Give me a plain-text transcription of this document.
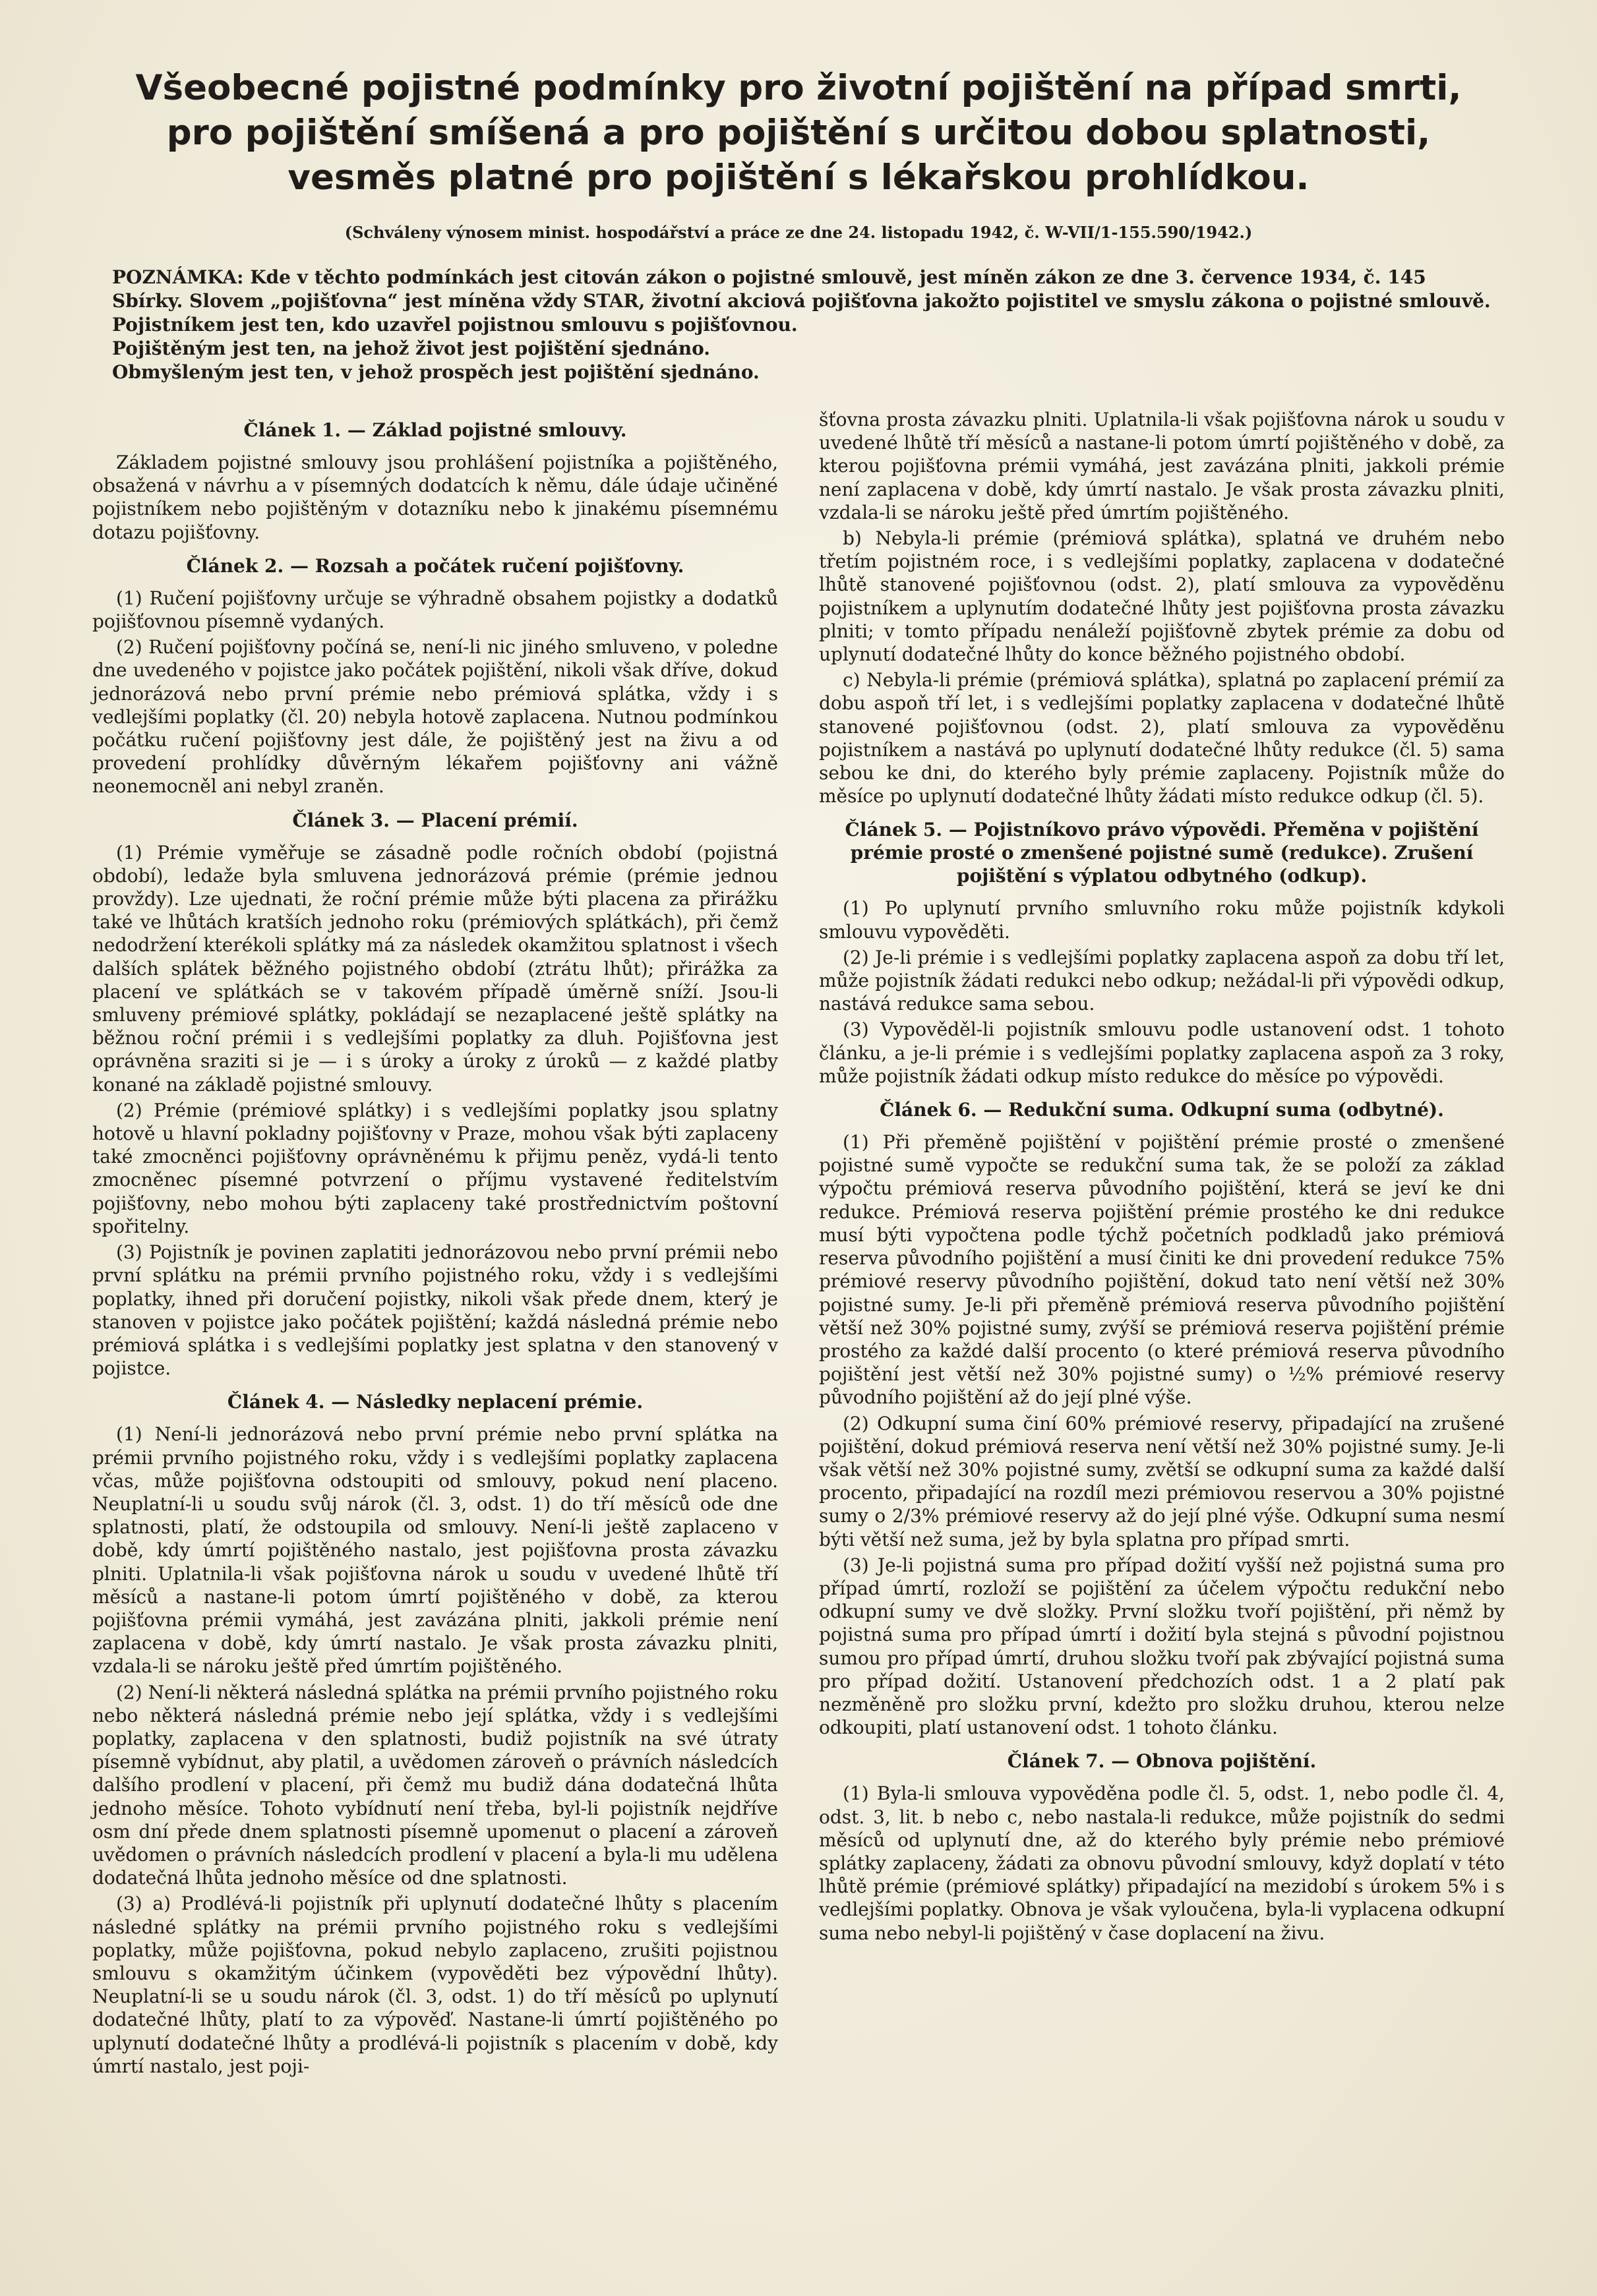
Všeobecné pojistné podmínky pro životní pojištění na případ smrti, pro pojištění smíšená a pro pojištění s určitou dobou splatnosti, vesměs platné pro pojištění s lékařskou prohlídkou.
(Schváleny výnosem minist. hospodářství a práce ze dne 24. listopadu 1942, č. W-VII/1-155.590/1942.)

POZNÁMKA: Kde v těchto podmínkách jest citován zákon o pojistné smlouvě, jest míněn zákon ze dne 3. července 1934, č. 145 Sbírky. Slovem „pojišťovna“ jest míněna vždy STAR, životní akciová pojišťovna jakožto pojistitel ve smyslu zákona o pojistné smlouvě.

Pojistníkem jest ten, kdo uzavřel pojistnou smlouvu s pojišťovnou.

Pojištěným jest ten, na jehož život jest pojištění sjednáno.

Obmyšleným jest ten, v jehož prospěch jest pojištění sjednáno.

Článek 1. — Základ pojistné smlouvy.

Základem pojistné smlouvy jsou prohlášení pojistníka a pojištěného, obsažená v návrhu a v písemných dodatcích k němu, dále údaje učiněné pojistníkem nebo pojištěným v dotazníku nebo k jinakému písemnému dotazu pojišťovny.

Článek 2. — Rozsah a počátek ručení pojišťovny.

(1) Ručení pojišťovny určuje se výhradně obsahem pojistky a dodatků pojišťovnou písemně vydaných.

(2) Ručení pojišťovny počíná se, není-li nic jiného smluveno, v poledne dne uvedeného v pojistce jako počátek pojištění, nikoli však dříve, dokud jednorázová nebo první prémie nebo prémiová splátka, vždy i s vedlejšími poplatky (čl. 20) nebyla hotově zaplacena. Nutnou podmínkou počátku ručení pojišťovny jest dále, že pojištěný jest na živu a od provedení prohlídky důvěrným lékařem pojišťovny ani vážně neonemocněl ani nebyl zraněn.

Článek 3. — Placení prémií.

(1) Prémie vyměřuje se zásadně podle ročních období (pojistná období), ledaže byla smluvena jednorázová prémie (prémie jednou provždy). Lze ujednati, že roční prémie může býti placena za přirážku také ve lhůtách kratších jednoho roku (prémiových splátkách), při čemž nedodržení kterékoli splátky má za následek okamžitou splatnost i všech dalších splátek běžného pojistného období (ztrátu lhůt); přirážka za placení ve splátkách se v takovém případě úměrně sníží. Jsou-li smluveny prémiové splátky, pokládají se nezaplacené ještě splátky na běžnou roční prémii i s vedlejšími poplatky za dluh. Pojišťovna jest oprávněna sraziti si je — i s úroky a úroky z úroků — z každé platby konané na základě pojistné smlouvy.

(2) Prémie (prémiové splátky) i s vedlejšími poplatky jsou splatny hotově u hlavní pokladny pojišťovny v Praze, mohou však býti zaplaceny také zmocněnci pojišťovny oprávněnému k přijmu peněz, vydá-li tento zmocněnec písemné potvrzení o příjmu vystavené ředitelstvím pojišťovny, nebo mohou býti zaplaceny také prostřednictvím poštovní spořitelny.

(3) Pojistník je povinen zaplatiti jednorázovou nebo první prémii nebo první splátku na prémii prvního pojistného roku, vždy i s vedlejšími poplatky, ihned při doručení pojistky, nikoli však přede dnem, který je stanoven v pojistce jako počátek pojištění; každá následná prémie nebo prémiová splátka i s vedlejšími poplatky jest splatna v den stanovený v pojistce.

Článek 4. — Následky neplacení prémie.

(1) Není-li jednorázová nebo první prémie nebo první splátka na prémii prvního pojistného roku, vždy i s vedlejšími poplatky zaplacena včas, může pojišťovna odstoupiti od smlouvy, pokud není placeno. Neuplatní-li u soudu svůj nárok (čl. 3, odst. 1) do tří měsíců ode dne splatnosti, platí, že odstoupila od smlouvy. Není-li ještě zaplaceno v době, kdy úmrtí pojištěného nastalo, jest pojišťovna prosta závazku plniti. Uplatnila-li však pojišťovna nárok u soudu v uvedené lhůtě tří měsíců a nastane-li potom úmrtí pojištěného v době, za kterou pojišťovna prémii vymáhá, jest zavázána plniti, jakkoli prémie není zaplacena v době, kdy úmrtí nastalo. Je však prosta závazku plniti, vzdala-li se nároku ještě před úmrtím pojištěného.

(2) Není-li některá následná splátka na prémii prvního pojistného roku nebo některá následná prémie nebo její splátka, vždy i s vedlejšími poplatky, zaplacena v den splatnosti, budiž pojistník na své útraty písemně vybídnut, aby platil, a uvědomen zároveň o právních následcích dalšího prodlení v placení, při čemž mu budiž dána dodatečná lhůta jednoho měsíce. Tohoto vybídnutí není třeba, byl-li pojistník nejdříve osm dní přede dnem splatnosti písemně upomenut o placení a zároveň uvědomen o právních následcích prodlení v placení a byla-li mu udělena dodatečná lhůta jednoho měsíce od dne splatnosti.

(3) a) Prodlévá-li pojistník při uplynutí dodatečné lhůty s placením následné splátky na prémii prvního pojistného roku s vedlejšími poplatky, může pojišťovna, pokud nebylo zaplaceno, zrušiti pojistnou smlouvu s okamžitým účinkem (vypověděti bez výpovědní lhůty). Neuplatní-li se u soudu nárok (čl. 3, odst. 1) do tří měsíců po uplynutí dodatečné lhůty, platí to za výpověď. Nastane-li úmrtí pojištěného po uplynutí dodatečné lhůty a prodlévá-li pojistník s placením v době, kdy úmrtí nastalo, jest poji-

šťovna prosta závazku plniti. Uplatnila-li však pojišťovna nárok u soudu v uvedené lhůtě tří měsíců a nastane-li potom úmrtí pojištěného v době, za kterou pojišťovna prémii vymáhá, jest zavázána plniti, jakkoli prémie není zaplacena v době, kdy úmrtí nastalo. Je však prosta závazku plniti, vzdala-li se nároku ještě před úmrtím pojištěného.

b) Nebyla-li prémie (prémiová splátka), splatná ve druhém nebo třetím pojistném roce, i s vedlejšími poplatky, zaplacena v dodatečné lhůtě stanovené pojišťovnou (odst. 2), platí smlouva za vypověděnu pojistníkem a uplynutím dodatečné lhůty jest pojišťovna prosta závazku plniti; v tomto případu nenáleží pojišťovně zbytek prémie za dobu od uplynutí dodatečné lhůty do konce běžného pojistného období.

c) Nebyla-li prémie (prémiová splátka), splatná po zaplacení prémií za dobu aspoň tří let, i s vedlejšími poplatky zaplacena v dodatečné lhůtě stanovené pojišťovnou (odst. 2), platí smlouva za vypověděnu pojistníkem a nastává po uplynutí dodatečné lhůty redukce (čl. 5) sama sebou ke dni, do kterého byly prémie zaplaceny. Pojistník může do měsíce po uplynutí dodatečné lhůty žádati místo redukce odkup (čl. 5).

Článek 5. — Pojistníkovo právo výpovědi. Přeměna v pojištění prémie prosté o zmenšené pojistné sumě (redukce). Zrušení pojištění s výplatou odbytného (odkup).

(1) Po uplynutí prvního smluvního roku může pojistník kdykoli smlouvu vypověděti.

(2) Je-li prémie i s vedlejšími poplatky zaplacena aspoň za dobu tří let, může pojistník žádati redukci nebo odkup; nežádal-li při výpovědi odkup, nastává redukce sama sebou.

(3) Vypověděl-li pojistník smlouvu podle ustanovení odst. 1 tohoto článku, a je-li prémie i s vedlejšími poplatky zaplacena aspoň za 3 roky, může pojistník žádati odkup místo redukce do měsíce po výpovědi.

Článek 6. — Redukční suma. Odkupní suma (odbytné).

(1) Při přeměně pojištění v pojištění prémie prosté o zmenšené pojistné sumě vypočte se redukční suma tak, že se položí za základ výpočtu prémiová reserva původního pojištění, která se jeví ke dni redukce. Prémiová reserva pojištění prémie prostého ke dni redukce musí býti vypočtena podle týchž početních podkladů jako prémiová reserva původního pojištění a musí činiti ke dni provedení redukce 75% prémiové reservy původního pojištění, dokud tato není větší než 30% pojistné sumy. Je-li při přeměně prémiová reserva původního pojištění větší než 30% pojistné sumy, zvýší se prémiová reserva pojištění prémie prostého za každé další procento (o které prémiová reserva původního pojištění jest větší než 30% pojistné sumy) o ½% prémiové reservy původního pojištění až do její plné výše.

(2) Odkupní suma činí 60% prémiové reservy, připadající na zrušené pojištění, dokud prémiová reserva není větší než 30% pojistné sumy. Je-li však větší než 30% pojistné sumy, zvětší se odkupní suma za každé další procento, připadající na rozdíl mezi prémiovou reservou a 30% pojistné sumy o 2/3% prémiové reservy až do její plné výše. Odkupní suma nesmí býti větší než suma, jež by byla splatna pro případ smrti.

(3) Je-li pojistná suma pro případ dožití vyšší než pojistná suma pro případ úmrtí, rozloží se pojištění za účelem výpočtu redukční nebo odkupní sumy ve dvě složky. První složku tvoří pojištění, při němž by pojistná suma pro případ úmrtí i dožití byla stejná s původní pojistnou sumou pro případ úmrtí, druhou složku tvoří pak zbývající pojistná suma pro případ dožití. Ustanovení předchozích odst. 1 a 2 platí pak nezměněně pro složku první, kdežto pro složku druhou, kterou nelze odkoupiti, platí ustanovení odst. 1 tohoto článku.

Článek 7. — Obnova pojištění.

(1) Byla-li smlouva vypověděna podle čl. 5, odst. 1, nebo podle čl. 4, odst. 3, lit. b nebo c, nebo nastala-li redukce, může pojistník do sedmi měsíců od uplynutí dne, až do kterého byly prémie nebo prémiové splátky zaplaceny, žádati za obnovu původní smlouvy, když doplatí v této lhůtě prémie (prémiové splátky) připadající na mezidobí s úrokem 5% i s vedlejšími poplatky. Obnova je však vyloučena, byla-li vyplacena odkupní suma nebo nebyl-li pojištěný v čase doplacení na živu.
